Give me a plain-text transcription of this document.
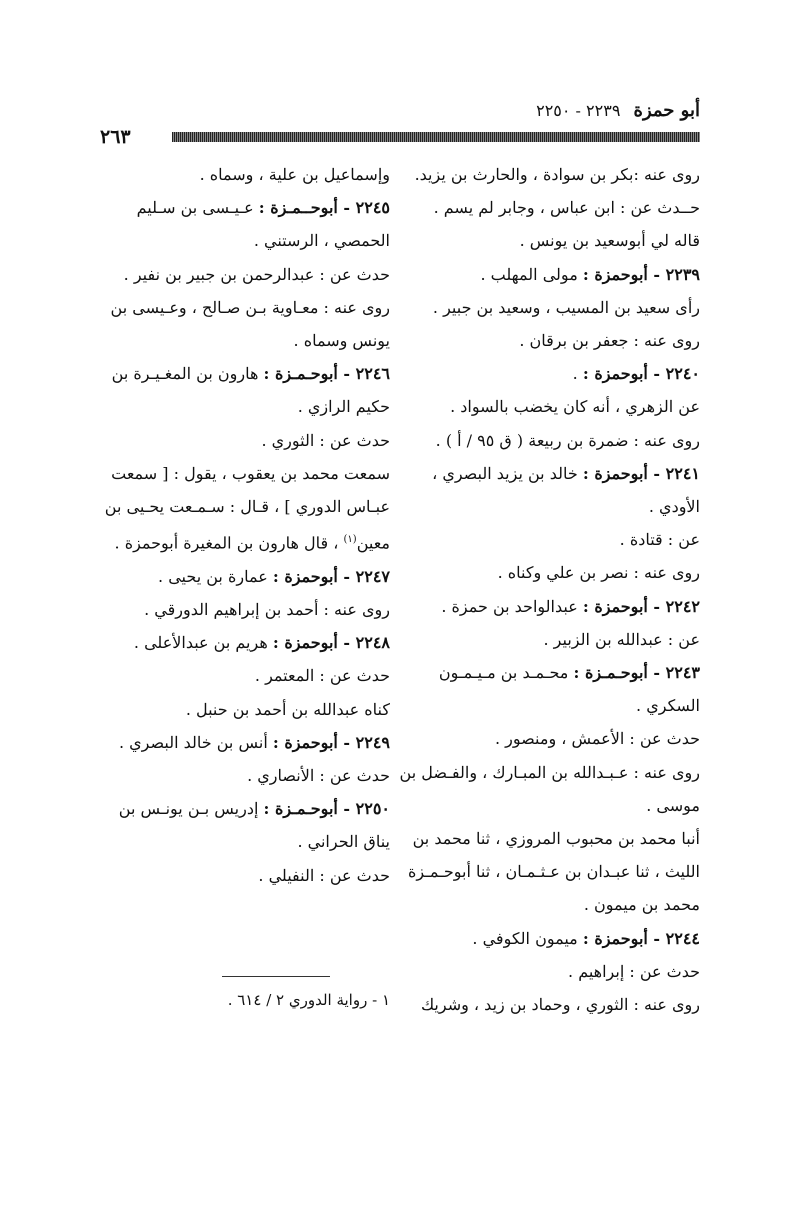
أبو حمزة ٢٢٣٩ - ٢٢٥٠
٢٦٣

روى عنه :بكر بن سوادة ، والحارث بن يزيد.

حــدث عن : ابن عباس ، وجابر لم يسم .

قاله لي أبوسعيد بن يونس .

٢٢٣٩ - أبوحمزة : مولى المهلب .

رأى سعيد بن المسيب ، وسعيد بن جبير .

روى عنه : جعفر بن برقان .

٢٢٤٠ - أبوحمزة : .

عن الزهري ، أنه كان يخضب بالسواد .

روى عنه : ضمرة بن ربيعة ( ق ٩٥ / أ ) .

٢٢٤١ - أبوحمزة : خالد بن يزيد البصري ،

الأودي .

عن : قتادة .

روى عنه : نصر بن علي وكناه .

٢٢٤٢ - أبوحمزة : عبدالواحد بن حمزة .

عن : عبدالله بن الزبير .

٢٢٤٣ - أبوحـمـزة : محـمـد بن مـيـمـون

السكري .

حدث عن : الأعمش ، ومنصور .

روى عنه : عـبـدالله بن المبـارك ، والفـضل بن

موسى .

أنبا محمد بن محبوب المروزي ، ثنا محمد بن

الليث ، ثنا عبـدان بن عـثـمـان ، ثنا أبوحـمـزة

محمد بن ميمون .

٢٢٤٤ - أبوحمزة : ميمون الكوفي .

حدث عن : إبراهيم .

روى عنه : الثوري ، وحماد بن زيد ، وشريك

وإسماعيل بن علية ، وسماه .

٢٢٤٥ - أبوحــمـزة : عـيـسى بن سـليم

الحمصي ، الرستني .

حدث عن : عبدالرحمن بن جبير بن نفير .

روى عنه : معـاوية بـن صـالح ، وعـيسى بن

يونس وسماه .

٢٢٤٦ - أبوحـمـزة : هارون بن المغـيـرة بن

حكيم الرازي .

حدث عن : الثوري .

سمعت محمد بن يعقوب ، يقول : [ سمعت

عبـاس الدوري ] ، قـال : سـمـعت يحـيى بن

معين$^{(١)}$ ، قال هارون بن المغيرة أبوحمزة .

٢٢٤٧ - أبوحمزة : عمارة بن يحيى .

روى عنه : أحمد بن إبراهيم الدورقي .

٢٢٤٨ - أبوحمزة : هريم بن عبدالأعلى .

حدث عن : المعتمر .

كناه عبدالله بن أحمد بن حنبل .

٢٢٤٩ - أبوحمزة : أنس بن خالد البصري .

حدث عن : الأنصاري .

٢٢٥٠ - أبوحـمـزة : إدريس بـن يونـس بن

يناق الحراني .

حدث عن : النفيلي .

١ - رواية الدوري ٢ / ٦١٤ .
